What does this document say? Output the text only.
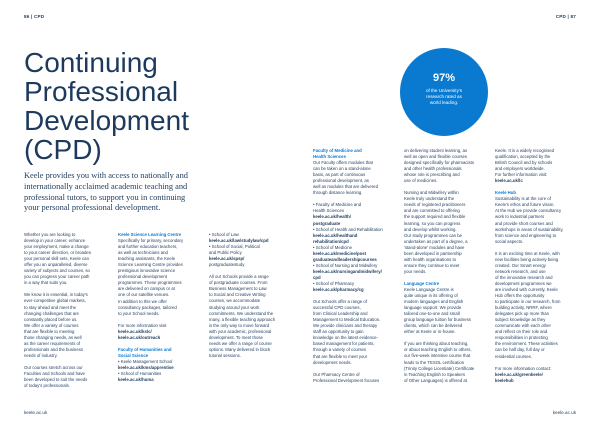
86 | CPD	CPD | 87
Continuing
Professional
Development
(CPD)
Keele provides you with access to nationally and
internationally acclaimed academic teaching and
professional tutors, to support you in continuing
your personal professional development.
97%
of the University's
research rated as
world leading.
Whether you are looking to
develop in your career, enhance
your employment, make a change
to your career direction, or broaden
your personal skill sets, Keele can
offer you an unparalleled, diverse
variety of subjects and courses, so
you can progress your career path
in a way that suits you.
We know it is essential, in today's
ever-competitive global markets,
to stay ahead and meet the
changing challenges that are
constantly placed before us.
We offer a variety of courses
that are flexible to meeting
those changing needs, as well
as the career requirements of
professionals and the business
needs of industry.
Our courses stretch across our
Faculties and Schools and have
been developed to suit the needs
of today's professionals.
Keele Science Learning Centre
Specifically for primary, secondary
and further education teachers,
as well as technicians and
teaching assistants, the Keele
Science Learning Centre provides
prestigious innovative science
professional development
programmes. These programmes
are delivered on campus or at
one of our satellite venues.
In addition to this we offer
consultancy packages, tailored
to your School needs.
For more information visit
keele.ac.uk/kslc/
keele.ac.uk/outreach
Faculty of Humanities and
Social Science
• Keele Management School
keele.ac.uk/kms/apprentise
• School of Humanities
keele.ac.uk/huma
• School of Law
keele.ac.uk/law/studylaw/cpd
• School of Social, Political
and Public Policy
keele.ac.uk/spsp/
postgraduatestudy
All our Schools provide a range
of postgraduate courses. From
Business Management to Law
to Social and Creative Writing
courses, we accommodate
studying around your work
commitments. We understand the
many, a flexible teaching approach
is the only way to move forward
with your academic, professional
development. To meet those
needs we offer a range of course
options. Many delivered in block
tutorial sessions.
Faculty of Medicine and
Health Sciences
Our Faculty offers modules that
can be taken on a stand-alone
basis, as part of continuous
professional development, as
well as modules that are delivered
through distance learning.
• Faculty of Medicine and
Health Sciences
keele.ac.uk/health/
postgraduate
• School of Health and Rehabilitation
keele.ac.uk/healthand
rehabilitation/cpd
• School of Medicine
keele.ac.uk/medicine/post
graduateandleadershipcourses
• School of Nursing and Midwifery
keele.ac.uk/nursingandmidwifery/
cpd
• School of Pharmacy
keele.ac.uk/pharmacy/cg
Our Schools offer a range of
successful CPD courses,
from Clinical Leadership and
Management to Medical Education.
We provide clinicians and therapy
staff an opportunity to gain
knowledge on the latest evidence-
based management for patients,
through a variety of courses
that are flexible to meet your
development needs.
Our Pharmacy Centre of
Professional Development focuses
on delivering student learning, as
well as open and flexible courses
designed specifically for pharmacists
and other health professionals
whose role is prescribing and
use of medicines.
Nursing and Midwifery within
Keele truly understand the
needs of registered practitioners
and are committed to offering
the support required and flexible
learning, so you can progress
and develop whilst working.
Our study programmes can be
undertaken as part of a degree, a
'stand-alone' modules and have
been developed in partnership
with health organisations to
ensure they continue to meet
your needs.
Language Centre
Keele Language Centre is
quite unique in its offering of
modern languages and English
language support. We provide
tailored one-to-one and small
group language tuition for business
clients, which can be delivered
either at Keele or in-house.
If you are thinking about teaching,
or about teaching English to others,
our five-week intensive course that
leads to the TESOL certification
(Trinity College Licentiate) Certificate
in Teaching English to Speakers
of Other Languages) is offered at
Keele. It is a widely recognised
qualification, accepted by the
British Council and by schools
and employers worldwide.
For further information visit:
keele.ac.uk/lc
Keele Hub
Sustainability is at the core of
Keele's ethos and future vision.
At the Hub we provide consultancy
work to industrial partners
and provide short courses and
workshops in areas of sustainability,
from science and engineering to
social aspects.
It is an exciting time at Keele, with
new facilities being actively being
created. Our Smart energy
network research, and use
of the innovative research and
development programmes we
are involved with currently, Keele
Hub offers the opportunity
to participate in our research, from
building activity, NRRF, where
delegates pick up more than
subject knowledge as they
communicate with each other
and reflect on their role and
responsibilities in protecting
the environment. These activities
can be half day, full day or
residential courses.
For more information contact:
keele.ac.uk/greenkeele/
keelehub
keele.ac.uk	keele.ac.uk
